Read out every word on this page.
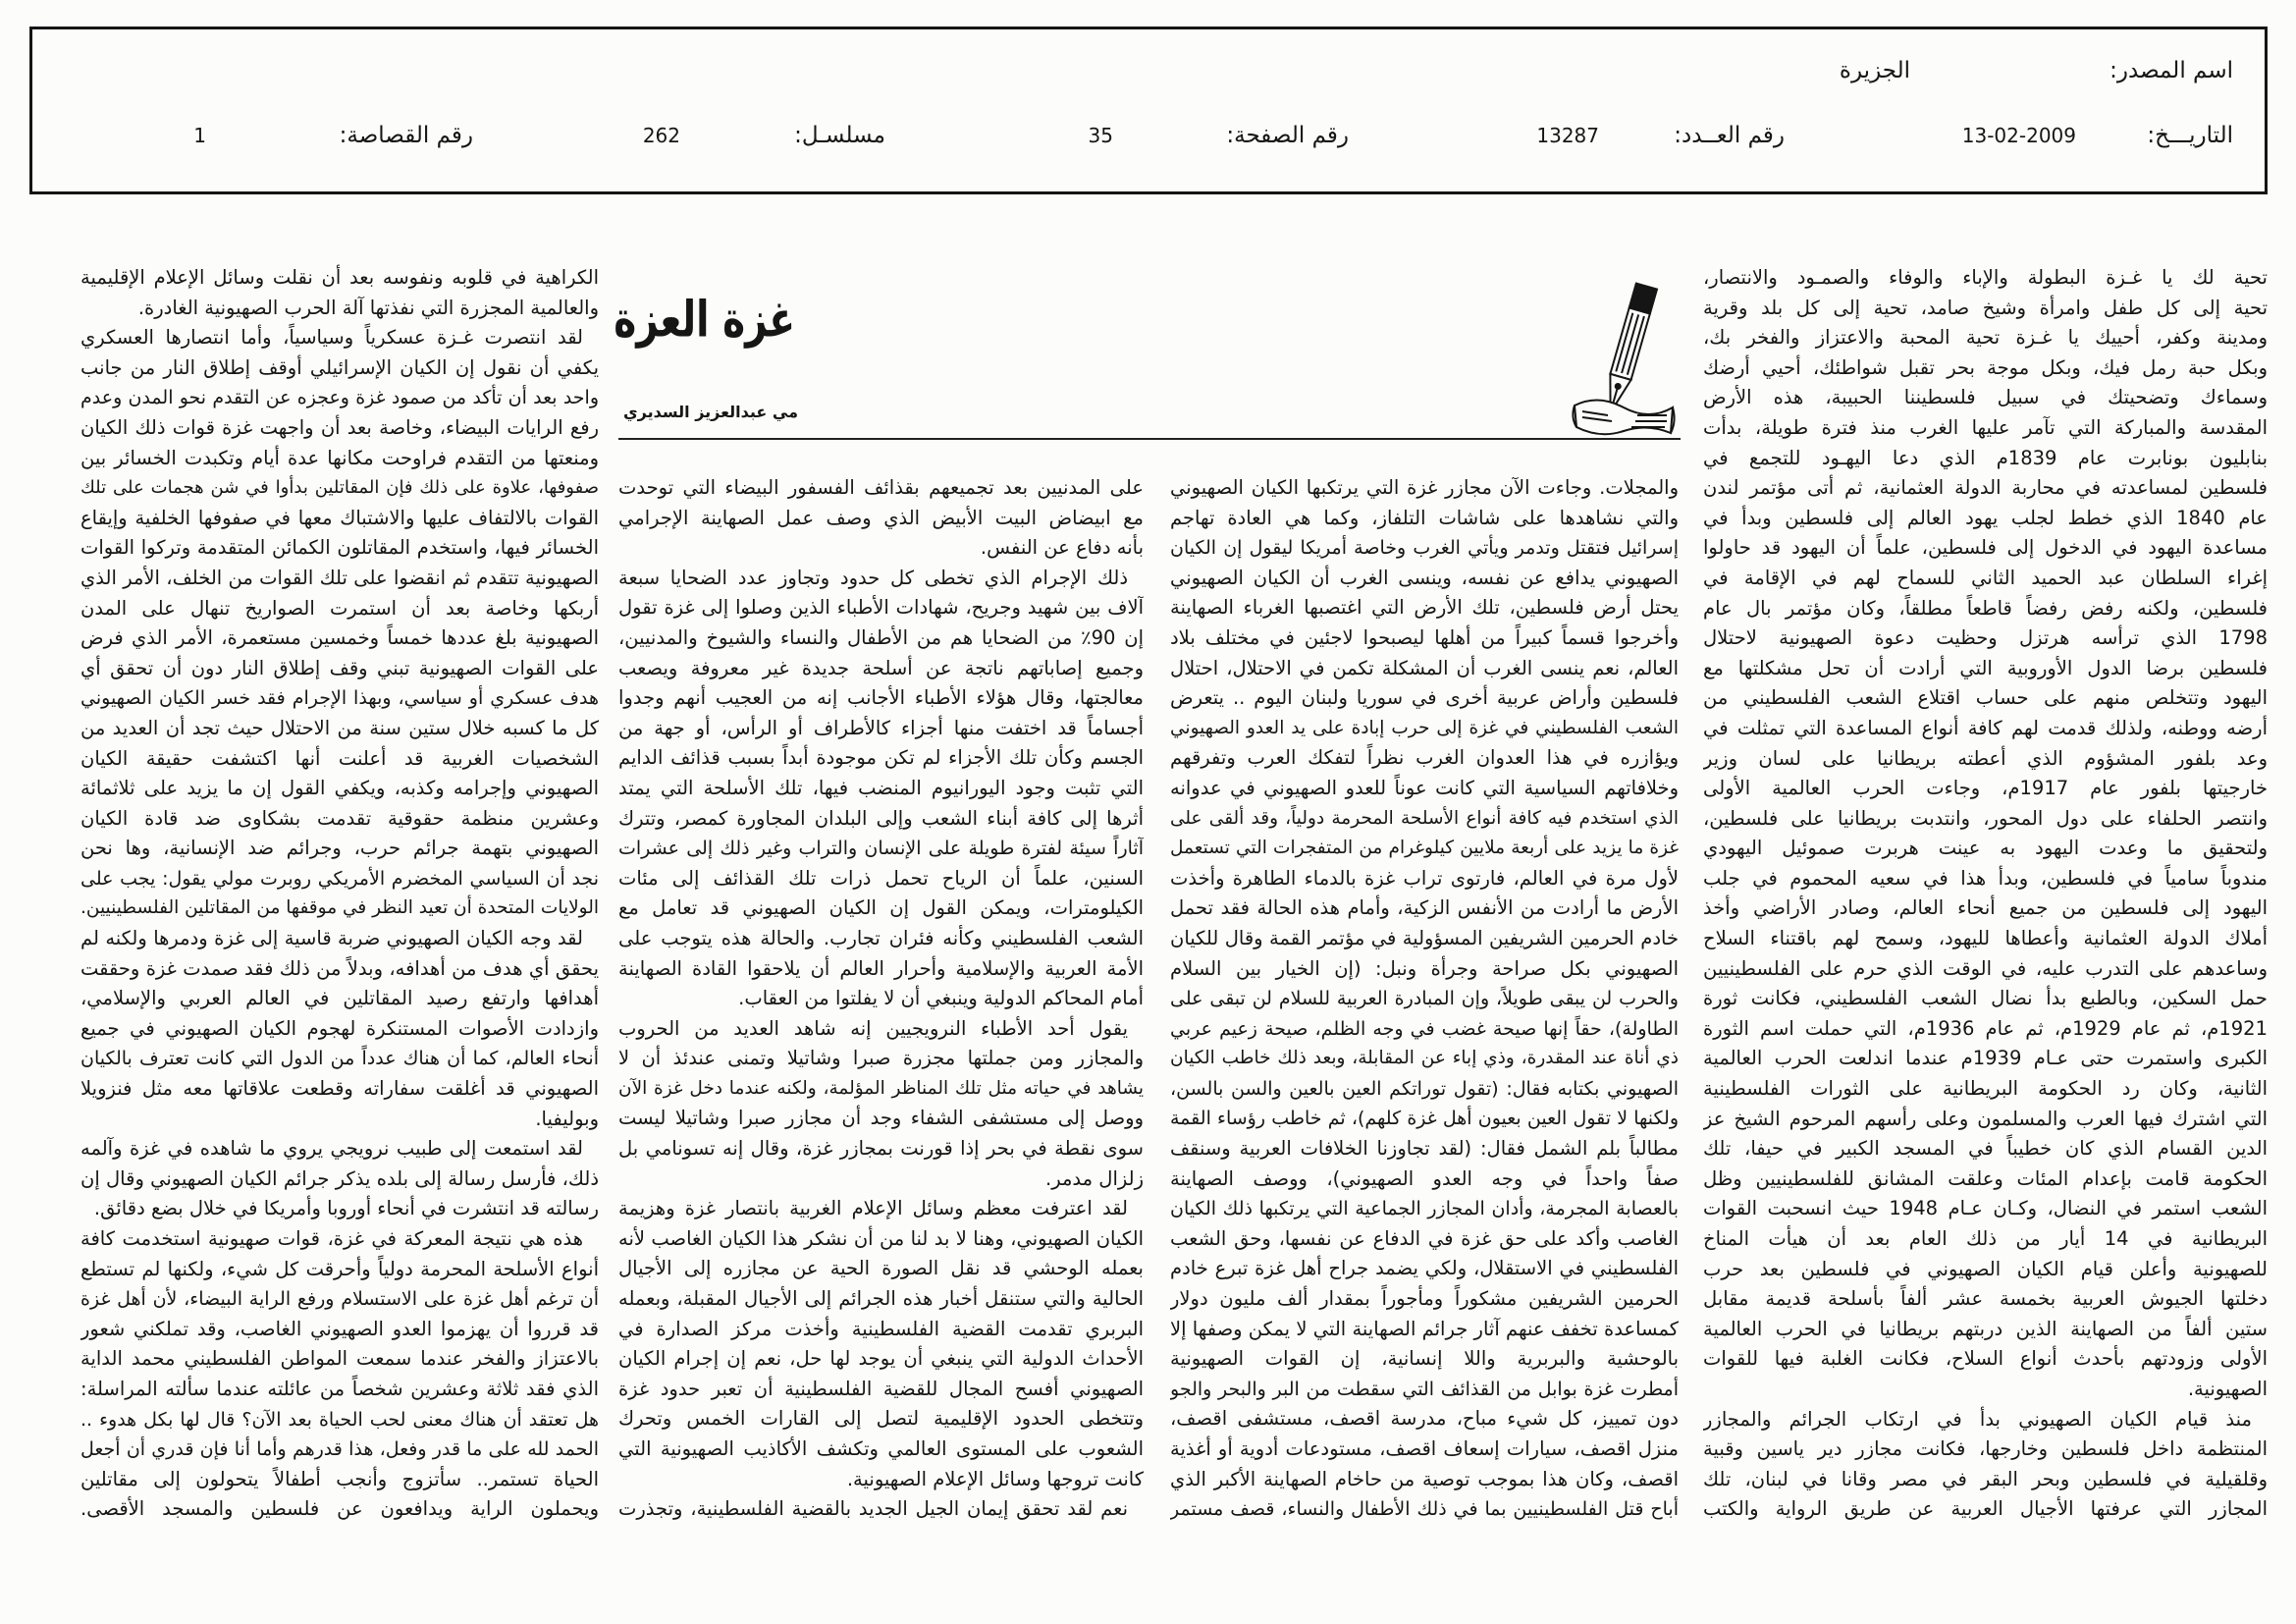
اسم المصدر:
الجزيرة
التاريـــخ:
13-02-2009
رقم العــدد:
13287
رقم الصفحة:
35
مسلسـل:
262
رقم القصاصة:
1
غزة العزة
مي عبدالعزيز السديري
تحية لك يا غـزة البطولة والإباء والوفاء والصمـود والانتصار،
تحية إلى كل طفل وامرأة وشيخ صامد، تحية إلى كل بلد وقرية
ومدينة وكفر، أحييك يا غـزة تحية المحبة والاعتزاز والفخر بك،
وبكل حبة رمل فيك، وبكل موجة بحر تقبل شواطئك، أحيي أرضك
وسماءك وتضحيتك في سبيل فلسطيننا الحبيبة، هذه الأرض
المقدسة والمباركة التي تآمر عليها الغرب منذ فترة طويلة، بدأت
بنابليون بونابرت عام 1839م الذي دعا اليهـود للتجمع في
فلسطين لمساعدته في محاربة الدولة العثمانية، ثم أتى مؤتمر لندن
عام 1840 الذي خطط لجلب يهود العالم إلى فلسطين وبدأ في
مساعدة اليهود في الدخول إلى فلسطين، علماً أن اليهود قد حاولوا
إغراء السلطان عبد الحميد الثاني للسماح لهم في الإقامة في
فلسطين، ولكنه رفض رفضاً قاطعاً مطلقاً، وكان مؤتمر بال عام
1798 الذي ترأسه هرتزل وحظيت دعوة الصهيونية لاحتلال
فلسطين برضا الدول الأوروبية التي أرادت أن تحل مشكلتها مع
اليهود وتتخلص منهم على حساب اقتلاع الشعب الفلسطيني من
أرضه ووطنه، ولذلك قدمت لهم كافة أنواع المساعدة التي تمثلت في
وعد بلفور المشؤوم الذي أعطته بريطانيا على لسان وزير
خارجيتها بلفور عام 1917م، وجاءت الحرب العالمية الأولى
وانتصر الحلفاء على دول المحور، وانتدبت بريطانيا على فلسطين،
ولتحقيق ما وعدت اليهود به عينت هربرت صموئيل اليهودي
مندوباً سامياً في فلسطين، وبدأ هذا في سعيه المحموم في جلب
اليهود إلى فلسطين من جميع أنحاء العالم، وصادر الأراضي وأخذ
أملاك الدولة العثمانية وأعطاها لليهود، وسمح لهم باقتناء السلاح
وساعدهم على التدرب عليه، في الوقت الذي حرم على الفلسطينيين
حمل السكين، وبالطبع بدأ نضال الشعب الفلسطيني، فكانت ثورة
1921م، ثم عام 1929م، ثم عام 1936م، التي حملت اسم الثورة
الكبرى واستمرت حتى عـام 1939م عندما اندلعت الحرب العالمية
الثانية، وكان رد الحكومة البريطانية على الثورات الفلسطينية
التي اشترك فيها العرب والمسلمون وعلى رأسهم المرحوم الشيخ عز
الدين القسام الذي كان خطيباً في المسجد الكبير في حيفا، تلك
الحكومة قامت بإعدام المئات وعلقت المشانق للفلسطينيين وظل
الشعب استمر في النضال، وكـان عـام 1948 حيث انسحبت القوات
البريطانية في 14 أيار من ذلك العام بعد أن هيأت المناخ
للصهيونية وأعلن قيام الكيان الصهيوني في فلسطين بعد حرب
دخلتها الجيوش العربية بخمسة عشر ألفاً بأسلحة قديمة مقابل
ستين ألفاً من الصهاينة الذين دربتهم بريطانيا في الحرب العالمية
الأولى وزودتهم بأحدث أنواع السلاح، فكانت الغلبة فيها للقوات
الصهيونية.
منذ قيام الكيان الصهيوني بدأ في ارتكاب الجرائم والمجازر
المنتظمة داخل فلسطين وخارجها، فكانت مجازر دير ياسين وقبية
وقلقيلية في فلسطين وبحر البقر في مصر وقانا في لبنان، تلك
المجازر التي عرفتها الأجيال العربية عن طريق الرواية والكتب
والمجلات. وجاءت الآن مجازر غزة التي يرتكبها الكيان الصهيوني
والتي نشاهدها على شاشات التلفاز، وكما هي العادة تهاجم
إسرائيل فتقتل وتدمر ويأتي الغرب وخاصة أمريكا ليقول إن الكيان
الصهيوني يدافع عن نفسه، وينسى الغرب أن الكيان الصهيوني
يحتل أرض فلسطين، تلك الأرض التي اغتصبها الغرباء الصهاينة
وأخرجوا قسماً كبيراً من أهلها ليصبحوا لاجئين في مختلف بلاد
العالم، نعم ينسى الغرب أن المشكلة تكمن في الاحتلال، احتلال
فلسطين وأراض عربية أخرى في سوريا ولبنان اليوم .. يتعرض
الشعب الفلسطيني في غزة إلى حرب إبادة على يد العدو الصهيوني
ويؤازره في هذا العدوان الغرب نظراً لتفكك العرب وتفرقهم
وخلافاتهم السياسية التي كانت عوناً للعدو الصهيوني في عدوانه
الذي استخدم فيه كافة أنواع الأسلحة المحرمة دولياً، وقد ألقى على
غزة ما يزيد على أربعة ملايين كيلوغرام من المتفجرات التي تستعمل
لأول مرة في العالم، فارتوى تراب غزة بالدماء الطاهرة وأخذت
الأرض ما أرادت من الأنفس الزكية، وأمام هذه الحالة فقد تحمل
خادم الحرمين الشريفين المسؤولية في مؤتمر القمة وقال للكيان
الصهيوني بكل صراحة وجرأة ونبل: (إن الخيار بين السلام
والحرب لن يبقى طويلاً، وإن المبادرة العربية للسلام لن تبقى على
الطاولة)، حقاً إنها صيحة غضب في وجه الظلم، صيحة زعيم عربي
ذي أناة عند المقدرة، وذي إباء عن المقابلة، وبعد ذلك خاطب الكيان
الصهيوني بكتابه فقال: (تقول توراتكم العين بالعين والسن بالسن،
ولكنها لا تقول العين بعيون أهل غزة كلهم)، ثم خاطب رؤساء القمة
مطالباً بلم الشمل فقال: (لقد تجاوزنا الخلافات العربية وسنقف
صفاً واحداً في وجه العدو الصهيوني)، ووصف الصهاينة
بالعصابة المجرمة، وأدان المجازر الجماعية التي يرتكبها ذلك الكيان
الغاصب وأكد على حق غزة في الدفاع عن نفسها، وحق الشعب
الفلسطيني في الاستقلال، ولكي يضمد جراح أهل غزة تبرع خادم
الحرمين الشريفين مشكوراً ومأجوراً بمقدار ألف مليون دولار
كمساعدة تخفف عنهم آثار جرائم الصهاينة التي لا يمكن وصفها إلا
بالوحشية والبربرية واللا إنسانية، إن القوات الصهيونية
أمطرت غزة بوابل من القذائف التي سقطت من البر والبحر والجو
دون تمييز، كل شيء مباح، مدرسة اقصف، مستشفى اقصف،
منزل اقصف، سيارات إسعاف اقصف، مستودعات أدوية أو أغذية
اقصف، وكان هذا بموجب توصية من حاخام الصهاينة الأكبر الذي
أباح قتل الفلسطينيين بما في ذلك الأطفال والنساء، قصف مستمر
على المدنيين بعد تجميعهم بقذائف الفسفور البيضاء التي توحدت
مع ابيضاض البيت الأبيض الذي وصف عمل الصهاينة الإجرامي
بأنه دفاع عن النفس.
ذلك الإجرام الذي تخطى كل حدود وتجاوز عدد الضحايا سبعة
آلاف بين شهيد وجريح، شهادات الأطباء الذين وصلوا إلى غزة تقول
إن 90٪ من الضحايا هم من الأطفال والنساء والشيوخ والمدنيين،
وجميع إصاباتهم ناتجة عن أسلحة جديدة غير معروفة ويصعب
معالجتها، وقال هؤلاء الأطباء الأجانب إنه من العجيب أنهم وجدوا
أجساماً قد اختفت منها أجزاء كالأطراف أو الرأس، أو جهة من
الجسم وكأن تلك الأجزاء لم تكن موجودة أبداً بسبب قذائف الدايم
التي تثبت وجود اليورانيوم المنضب فيها، تلك الأسلحة التي يمتد
أثرها إلى كافة أبناء الشعب وإلى البلدان المجاورة كمصر، وتترك
آثاراً سيئة لفترة طويلة على الإنسان والتراب وغير ذلك إلى عشرات
السنين، علماً أن الرياح تحمل ذرات تلك القذائف إلى مئات
الكيلومترات، ويمكن القول إن الكيان الصهيوني قد تعامل مع
الشعب الفلسطيني وكأنه فئران تجارب. والحالة هذه يتوجب على
الأمة العربية والإسلامية وأحرار العالم أن يلاحقوا القادة الصهاينة
أمام المحاكم الدولية وينبغي أن لا يفلتوا من العقاب.
يقول أحد الأطباء النرويجيين إنه شاهد العديد من الحروب
والمجازر ومن جملتها مجزرة صبرا وشاتيلا وتمنى عندئذ أن لا
يشاهد في حياته مثل تلك المناظر المؤلمة، ولكنه عندما دخل غزة الآن
ووصل إلى مستشفى الشفاء وجد أن مجازر صبرا وشاتيلا ليست
سوى نقطة في بحر إذا قورنت بمجازر غزة، وقال إنه تسونامي بل
زلزال مدمر.
لقد اعترفت معظم وسائل الإعلام الغربية بانتصار غزة وهزيمة
الكيان الصهيوني، وهنا لا بد لنا من أن نشكر هذا الكيان الغاصب لأنه
بعمله الوحشي قد نقل الصورة الحية عن مجازره إلى الأجيال
الحالية والتي ستنقل أخبار هذه الجرائم إلى الأجيال المقبلة، وبعمله
البربري تقدمت القضية الفلسطينية وأخذت مركز الصدارة في
الأحداث الدولية التي ينبغي أن يوجد لها حل، نعم إن إجرام الكيان
الصهيوني أفسح المجال للقضية الفلسطينية أن تعبر حدود غزة
وتتخطى الحدود الإقليمية لتصل إلى القارات الخمس وتحرك
الشعوب على المستوى العالمي وتكشف الأكاذيب الصهيونية التي
كانت تروجها وسائل الإعلام الصهيونية.
نعم لقد تحقق إيمان الجيل الجديد بالقضية الفلسطينية، وتجذرت
الكراهية في قلوبه ونفوسه بعد أن نقلت وسائل الإعلام الإقليمية
والعالمية المجزرة التي نفذتها آلة الحرب الصهيونية الغادرة.
لقد انتصرت غـزة عسكرياً وسياسياً، وأما انتصارها العسكري
يكفي أن نقول إن الكيان الإسرائيلي أوقف إطلاق النار من جانب
واحد بعد أن تأكد من صمود غزة وعجزه عن التقدم نحو المدن وعدم
رفع الرايات البيضاء، وخاصة بعد أن واجهت غزة قوات ذلك الكيان
ومنعتها من التقدم فراوحت مكانها عدة أيام وتكبدت الخسائر بين
صفوفها، علاوة على ذلك فإن المقاتلين بدأوا في شن هجمات على تلك
القوات بالالتفاف عليها والاشتباك معها في صفوفها الخلفية وإيقاع
الخسائر فيها، واستخدم المقاتلون الكمائن المتقدمة وتركوا القوات
الصهيونية تتقدم ثم انقضوا على تلك القوات من الخلف، الأمر الذي
أربكها وخاصة بعد أن استمرت الصواريخ تنهال على المدن
الصهيونية بلغ عددها خمساً وخمسين مستعمرة، الأمر الذي فرض
على القوات الصهيونية تبني وقف إطلاق النار دون أن تحقق أي
هدف عسكري أو سياسي، وبهذا الإجرام فقد خسر الكيان الصهيوني
كل ما كسبه خلال ستين سنة من الاحتلال حيث تجد أن العديد من
الشخصيات الغربية قد أعلنت أنها اكتشفت حقيقة الكيان
الصهيوني وإجرامه وكذبه، ويكفي القول إن ما يزيد على ثلاثمائة
وعشرين منظمة حقوقية تقدمت بشكاوى ضد قادة الكيان
الصهيوني بتهمة جرائم حرب، وجرائم ضد الإنسانية، وها نحن
نجد أن السياسي المخضرم الأمريكي روبرت مولي يقول: يجب على
الولايات المتحدة أن تعيد النظر في موقفها من المقاتلين الفلسطينيين.
لقد وجه الكيان الصهيوني ضربة قاسية إلى غزة ودمرها ولكنه لم
يحقق أي هدف من أهدافه، وبدلاً من ذلك فقد صمدت غزة وحققت
أهدافها وارتفع رصيد المقاتلين في العالم العربي والإسلامي،
وازدادت الأصوات المستنكرة لهجوم الكيان الصهيوني في جميع
أنحاء العالم، كما أن هناك عدداً من الدول التي كانت تعترف بالكيان
الصهيوني قد أغلقت سفاراته وقطعت علاقاتها معه مثل فنزويلا
وبوليفيا.
لقد استمعت إلى طبيب نرويجي يروي ما شاهده في غزة وآلمه
ذلك، فأرسل رسالة إلى بلده يذكر جرائم الكيان الصهيوني وقال إن
رسالته قد انتشرت في أنحاء أوروبا وأمريكا في خلال بضع دقائق.
هذه هي نتيجة المعركة في غزة، قوات صهيونية استخدمت كافة
أنواع الأسلحة المحرمة دولياً وأحرقت كل شيء، ولكنها لم تستطع
أن ترغم أهل غزة على الاستسلام ورفع الراية البيضاء، لأن أهل غزة
قد قرروا أن يهزموا العدو الصهيوني الغاصب، وقد تملكني شعور
بالاعتزاز والفخر عندما سمعت المواطن الفلسطيني محمد الداية
الذي فقد ثلاثة وعشرين شخصاً من عائلته عندما سألته المراسلة:
هل تعتقد أن هناك معنى لحب الحياة بعد الآن؟ قال لها بكل هدوء ..
الحمد لله على ما قدر وفعل، هذا قدرهم وأما أنا فإن قدري أن أجعل
الحياة تستمر.. سأتزوج وأنجب أطفالاً يتحولون إلى مقاتلين
ويحملون الراية ويدافعون عن فلسطين والمسجد الأقصى.
